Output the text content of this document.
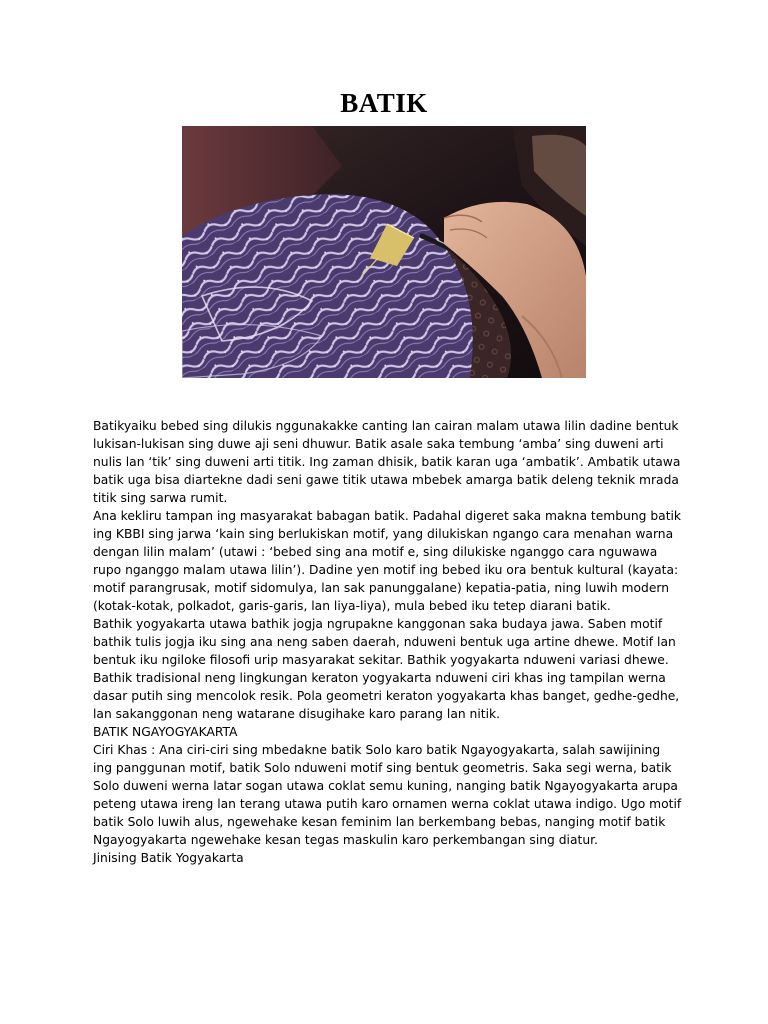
BATIK

Batikyaiku bebed sing dilukis nggunakakke canting lan cairan malam utawa lilin dadine bentuk lukisan-lukisan sing duwe aji seni dhuwur. Batik asale saka tembung ‘amba’ sing duweni arti nulis lan ‘tik’ sing duweni arti titik. Ing zaman dhisik, batik karan uga ‘ambatik’. Ambatik utawa batik uga bisa diartekne dadi seni gawe titik utawa mbebek amarga batik deleng teknik mrada titik sing sarwa rumit.

Ana kekliru tampan ing masyarakat babagan batik. Padahal digeret saka makna tembung batik ing KBBI sing jarwa ‘kain sing berlukiskan motif, yang dilukiskan ngango cara menahan warna dengan lilin malam’ (utawi : ‘bebed sing ana motif e, sing dilukiske nganggo cara nguwawa rupo nganggo malam utawa lilin’). Dadine yen motif ing bebed iku ora bentuk kultural (kayata: motif parangrusak, motif sidomulya, lan sak panunggalane) kepatia-patia, ning luwih modern (kotak-kotak, polkadot, garis-garis, lan liya-liya), mula bebed iku tetep diarani batik.

Bathik yogyakarta utawa bathik jogja ngrupakne kanggonan saka budaya jawa. Saben motif bathik tulis jogja iku sing ana neng saben daerah, nduweni bentuk uga artine dhewe. Motif lan bentuk iku ngiloke filosofi urip masyarakat sekitar. Bathik yogyakarta nduweni variasi dhewe. Bathik tradisional neng lingkungan keraton yogyakarta nduweni ciri khas ing tampilan werna dasar putih sing mencolok resik. Pola geometri keraton yogyakarta khas banget, gedhe-gedhe, lan sakanggonan neng watarane disugihake karo parang lan nitik.

BATIK NGAYOGYAKARTA

Ciri Khas : Ana ciri-ciri sing mbedakne batik Solo karo batik Ngayogyakarta, salah sawijining ing panggunan motif, batik Solo nduweni motif sing bentuk geometris. Saka segi werna, batik Solo duweni werna latar sogan utawa coklat semu kuning, nanging batik Ngayogyakarta arupa peteng utawa ireng lan terang utawa putih karo ornamen werna coklat utawa indigo. Ugo motif batik Solo luwih alus, ngewehake kesan feminim lan berkembang bebas, nanging motif batik Ngayogyakarta ngewehake kesan tegas maskulin karo perkembangan sing diatur.

Jinising Batik Yogyakarta
